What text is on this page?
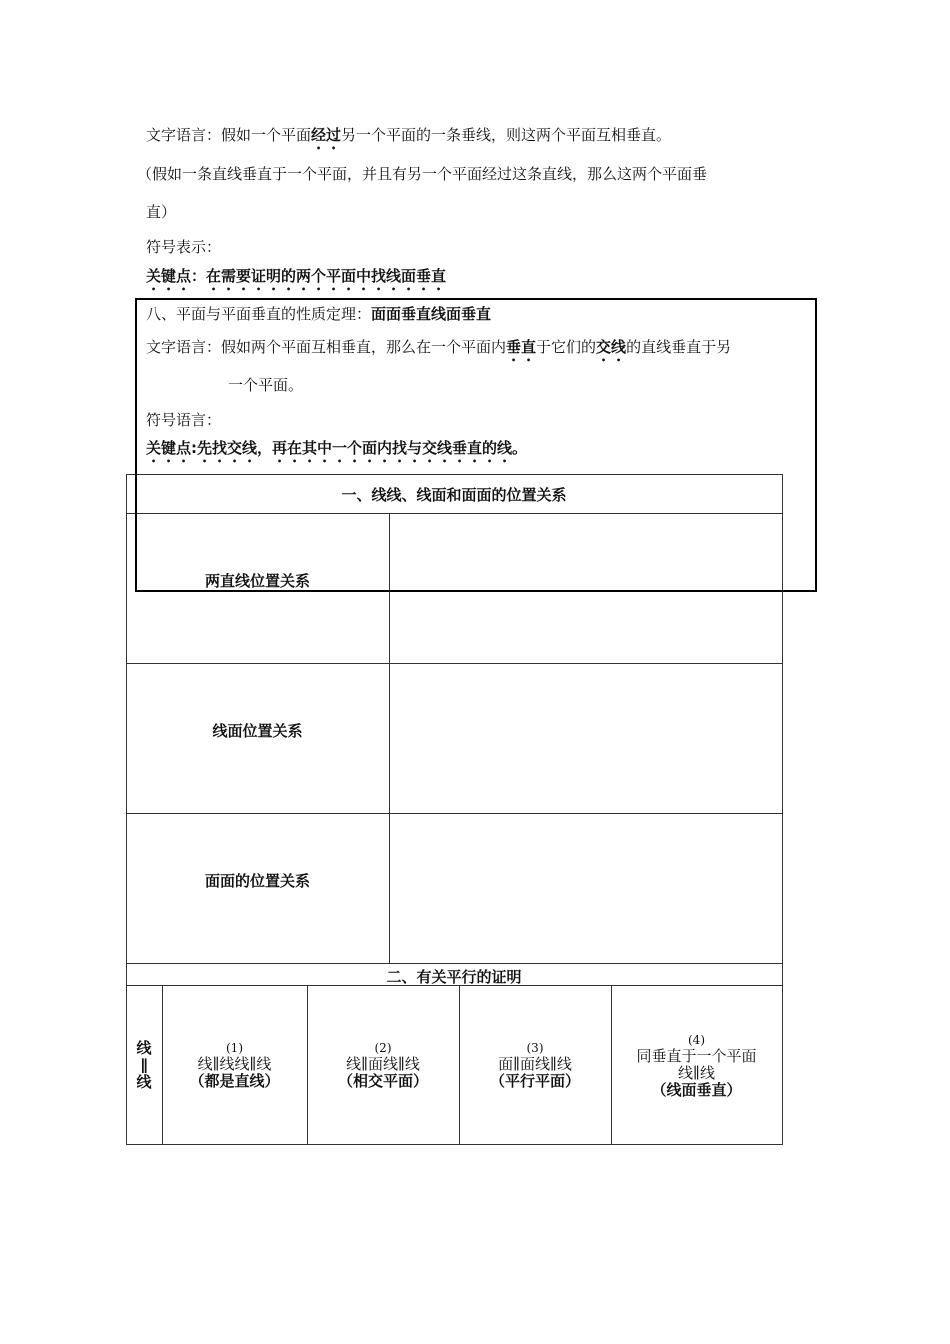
文字语言：假如一个平面经过另一个平面的一条垂线，则这两个平面互相垂直。
（假如一条直线垂直于一个平面，并且有另一个平面经过这条直线，那么这两个平面垂
直）
符号表示：
关键点：在需要证明的两个平面中找线面垂直
八、平面与平面垂直的性质定理：面面垂直线面垂直
文字语言：假如两个平面互相垂直，那么在一个平面内垂直于它们的交线的直线垂直于另
一个平面。
符号语言：
关键点:先找交线，再在其中一个面内找与交线垂直的线。
一、线线、线面和面面的位置关系
两直线位置关系
线面位置关系
面面的位置关系
二、有关平行的证明
线
∥
线
(1)
线∥线线∥线
（都是直线）
(2)
线∥面线∥线
（相交平面）
(3)
面∥面线∥线
（平行平面）
(4)
同垂直于一个平面
线∥线
（线面垂直）
